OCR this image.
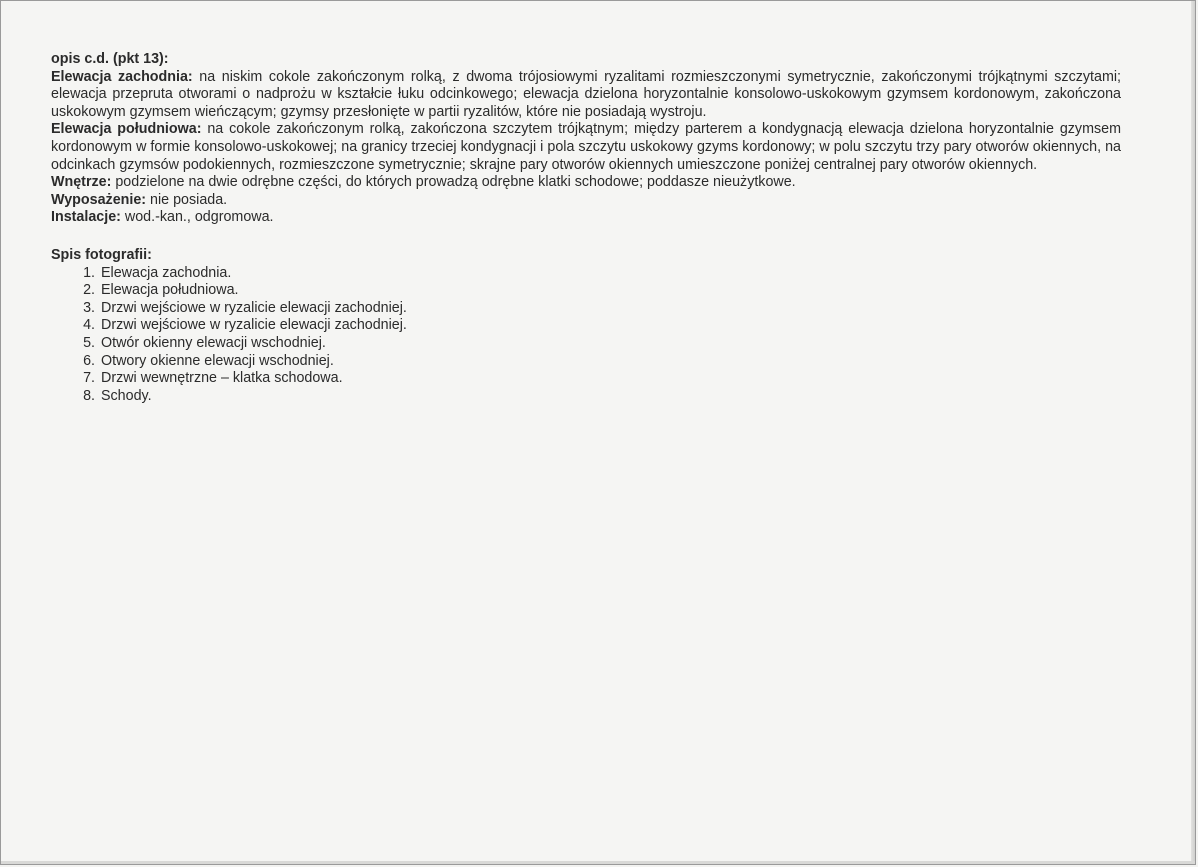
opis c.d. (pkt 13):

Elewacja zachodnia: na niskim cokole zakończonym rolką, z dwoma trójosiowymi ryzalitami rozmieszczonymi symetrycznie, zakończonymi trójkątnymi szczytami; elewacja przepruta otworami o nadprożu w kształcie łuku odcinkowego; elewacja dzielona horyzontalnie konsolowo-uskokowym gzymsem kordonowym, zakończona uskokowym gzymsem wieńczącym; gzymsy przesłonięte w partii ryzalitów, które nie posiadają wystroju.

Elewacja południowa: na cokole zakończonym rolką, zakończona szczytem trójkątnym; między parterem a kondygnacją elewacja dzielona horyzontalnie gzymsem kordonowym w formie konsolowo-uskokowej; na granicy trzeciej kondygnacji i pola szczytu uskokowy gzyms kordonowy; w polu szczytu trzy pary otworów okiennych, na odcinkach gzymsów podokiennych, rozmieszczone symetrycznie; skrajne pary otworów okiennych umieszczone poniżej centralnej pary otworów okiennych.

Wnętrze: podzielone na dwie odrębne części, do których prowadzą odrębne klatki schodowe; poddasze nieużytkowe.

Wyposażenie: nie posiada.

Instalacje: wod.-kan., odgromowa.

Spis fotografii:

1. Elewacja zachodnia.
2. Elewacja południowa.
3. Drzwi wejściowe w ryzalicie elewacji zachodniej.
4. Drzwi wejściowe w ryzalicie elewacji zachodniej.
5. Otwór okienny elewacji wschodniej.
6. Otwory okienne elewacji wschodniej.
7. Drzwi wewnętrzne – klatka schodowa.
8. Schody.
